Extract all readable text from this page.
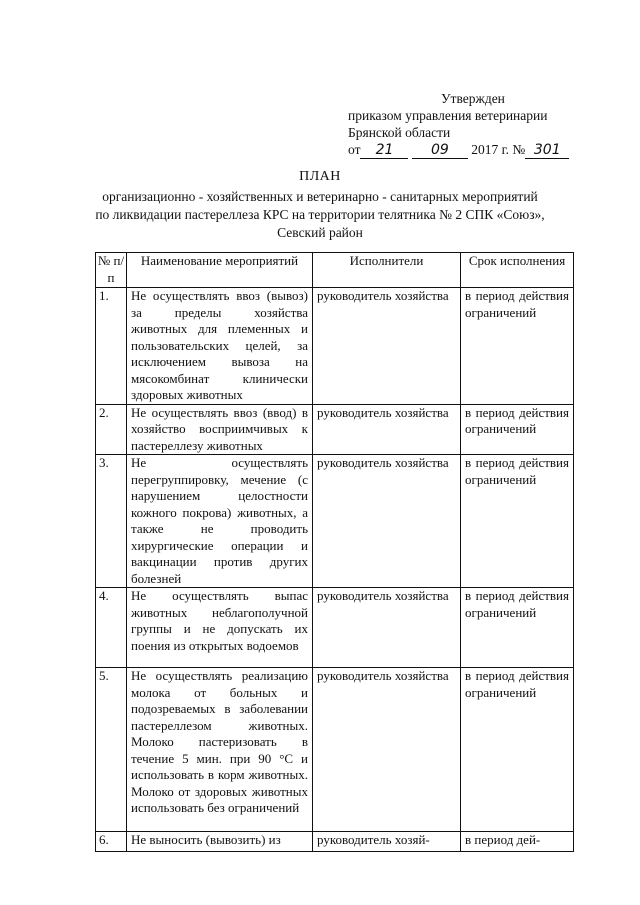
Утвержден
приказом управления ветеринарии
Брянской области
от 21	09 2017 г. № 301
ПЛАН
организационно - хозяйственных и ветеринарно - санитарных мероприятий
по ликвидации пастереллеза КРС на территории телятника № 2 СПК «Союз»,
Севский район
№ п/п	Наименование мероприятий	Исполнители	Срок исполнения
1.	Не осуществлять ввоз (вывоз) за пределы хозяйства животных для племенных и пользовательских целей, за исключением вывоза на мясокомбинат клинически здоровых животных	руководитель хозяйства	в период действия ограничений
2.	Не осуществлять ввоз (ввод) в хозяйство восприимчивых к пастереллезу животных	руководитель хозяйства	в период действия ограничений
3.	Не осуществлять перегруппировку, мечение (с нарушением целостности кожного покрова) животных, а также не проводить хирургические операции и вакцинации против других болезней	руководитель хозяйства	в период действия ограничений
4.	Не осуществлять выпас животных неблагополучной группы и не допускать их поения из открытых водоемов	руководитель хозяйства	в период действия ограничений
5.	Не осуществлять реализацию молока от больных и подозреваемых в заболевании пастереллезом животных. Молоко пастеризовать в течение 5 мин. при 90 °С и использовать в корм животных. Молоко от здоровых животных использовать без ограничений	руководитель хозяйства	в период действия ограничений
6.	Не выносить (вывозить) из	руководитель хозяй-	в период дей-
